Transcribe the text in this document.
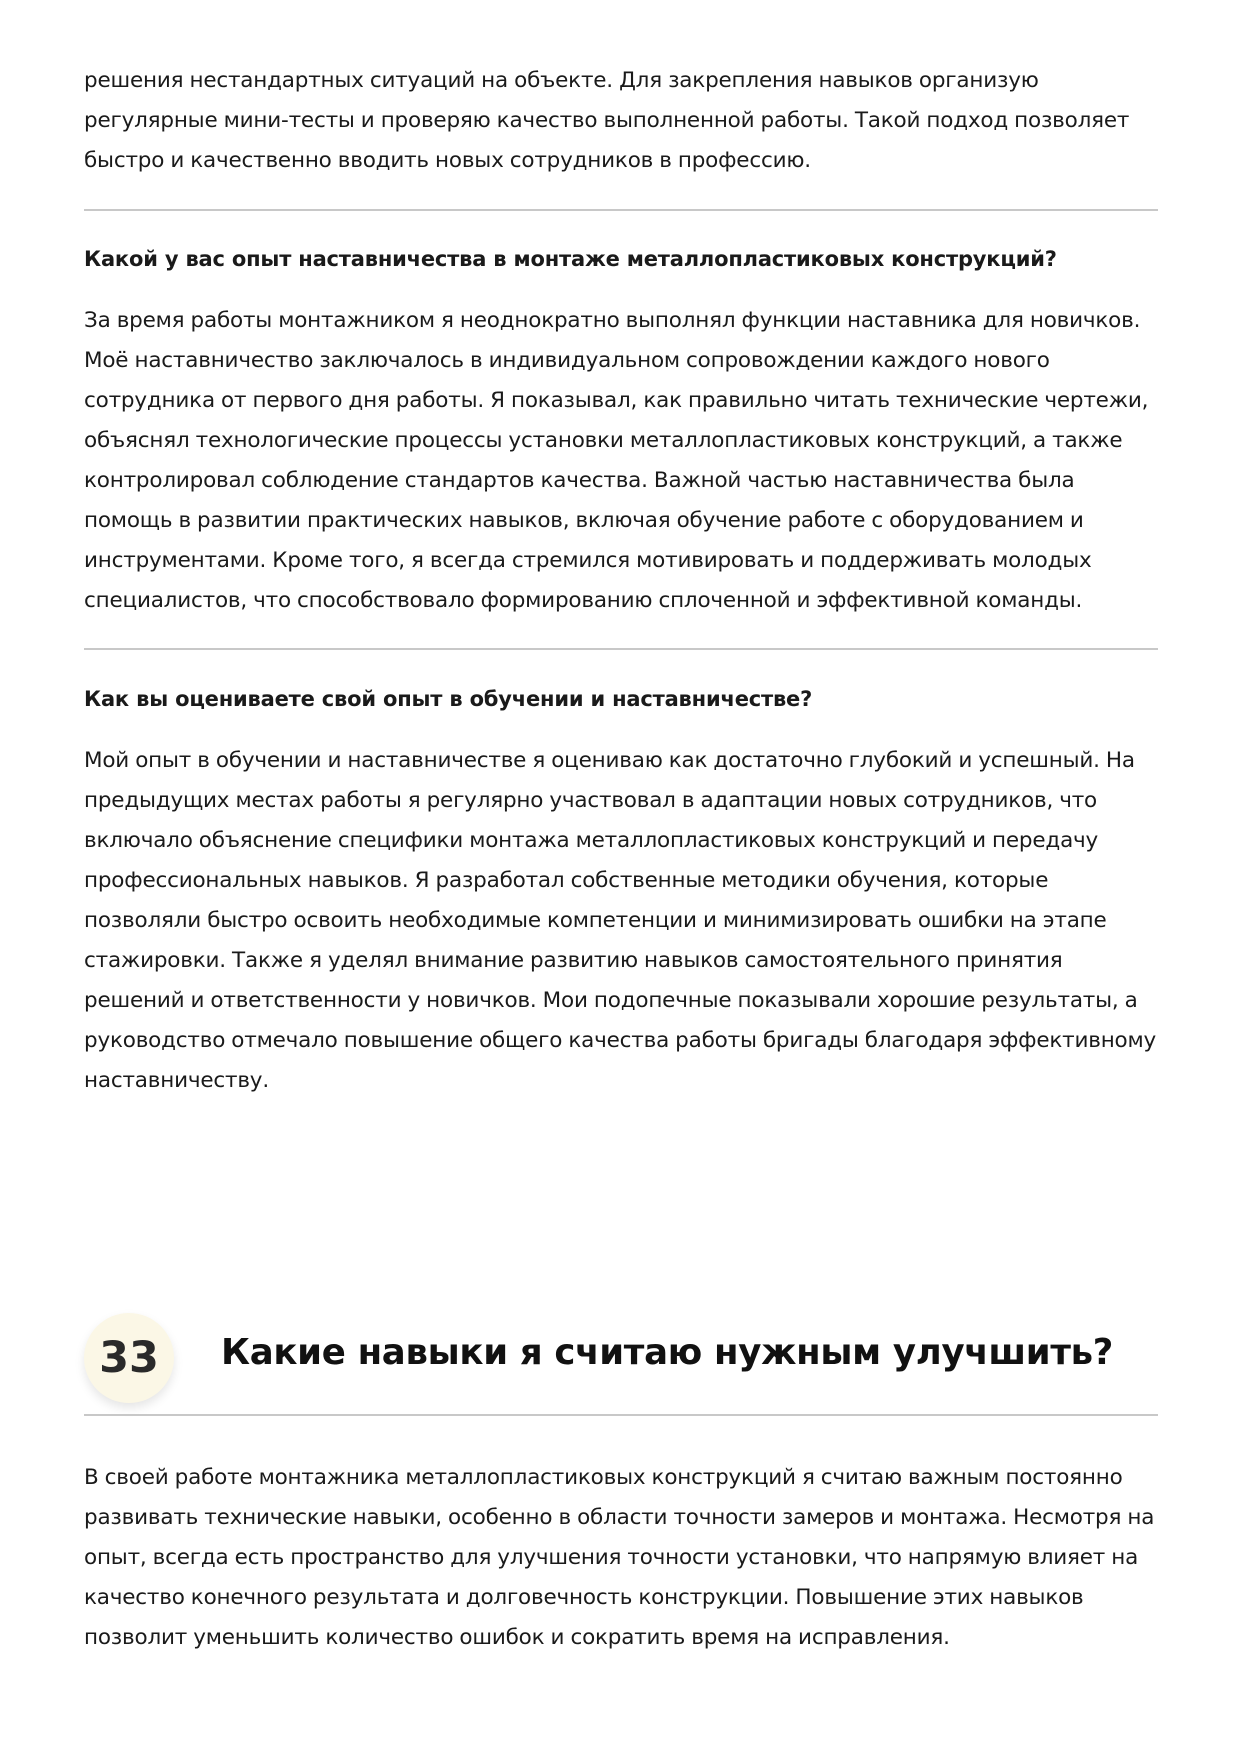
решения нестандартных ситуаций на объекте. Для закрепления навыков организую регулярные мини-тесты и проверяю качество выполненной работы. Такой подход позволяет быстро и качественно вводить новых сотрудников в профессию.

Какой у вас опыт наставничества в монтаже металлопластиковых конструкций?

За время работы монтажником я неоднократно выполнял функции наставника для новичков. Моё наставничество заключалось в индивидуальном сопровождении каждого нового сотрудника от первого дня работы. Я показывал, как правильно читать технические чертежи, объяснял технологические процессы установки металлопластиковых конструкций, а также контролировал соблюдение стандартов качества. Важной частью наставничества была помощь в развитии практических навыков, включая обучение работе с оборудованием и инструментами. Кроме того, я всегда стремился мотивировать и поддерживать молодых специалистов, что способствовало формированию сплоченной и эффективной команды.

Как вы оцениваете свой опыт в обучении и наставничестве?

Мой опыт в обучении и наставничестве я оцениваю как достаточно глубокий и успешный. На предыдущих местах работы я регулярно участвовал в адаптации новых сотрудников, что включало объяснение специфики монтажа металлопластиковых конструкций и передачу профессиональных навыков. Я разработал собственные методики обучения, которые позволяли быстро освоить необходимые компетенции и минимизировать ошибки на этапе стажировки. Также я уделял внимание развитию навыков самостоятельного принятия решений и ответственности у новичков. Мои подопечные показывали хорошие результаты, а руководство отмечало повышение общего качества работы бригады благодаря эффективному наставничеству.

33	Какие навыки я считаю нужным улучшить?

В своей работе монтажника металлопластиковых конструкций я считаю важным постоянно развивать технические навыки, особенно в области точности замеров и монтажа. Несмотря на опыт, всегда есть пространство для улучшения точности установки, что напрямую влияет на качество конечного результата и долговечность конструкции. Повышение этих навыков позволит уменьшить количество ошибок и сократить время на исправления.
